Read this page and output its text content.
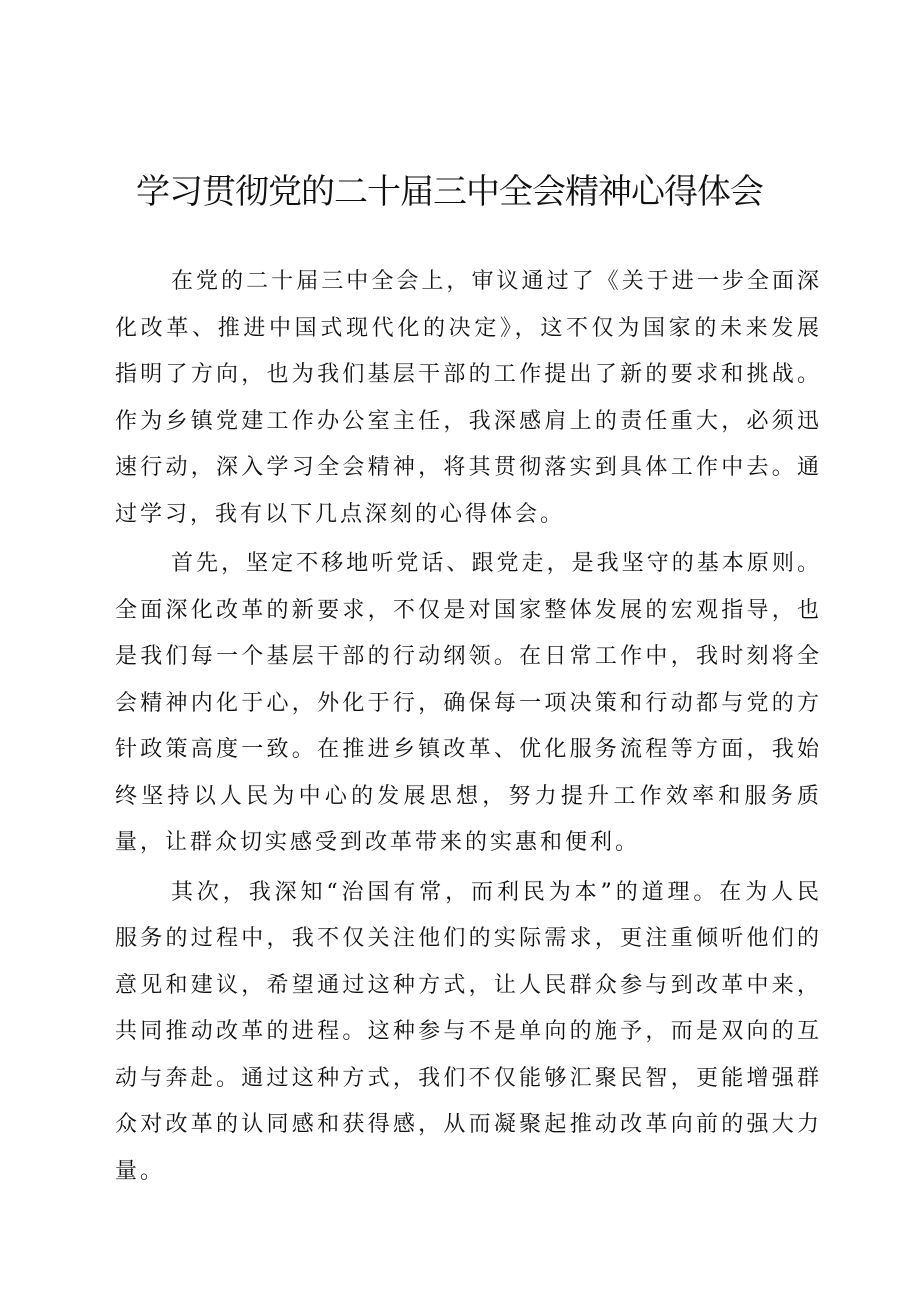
学习贯彻党的二十届三中全会精神心得体会

在党的二十届三中全会上，审议通过了《关于进一步全面深化改革、推进中国式现代化的决定》，这不仅为国家的未来发展指明了方向，也为我们基层干部的工作提出了新的要求和挑战。作为乡镇党建工作办公室主任，我深感肩上的责任重大，必须迅速行动，深入学习全会精神，将其贯彻落实到具体工作中去。通过学习，我有以下几点深刻的心得体会。

首先，坚定不移地听党话、跟党走，是我坚守的基本原则。全面深化改革的新要求，不仅是对国家整体发展的宏观指导，也是我们每一个基层干部的行动纲领。在日常工作中，我时刻将全会精神内化于心，外化于行，确保每一项决策和行动都与党的方针政策高度一致。在推进乡镇改革、优化服务流程等方面，我始终坚持以人民为中心的发展思想，努力提升工作效率和服务质量，让群众切实感受到改革带来的实惠和便利。

其次，我深知“治国有常，而利民为本”的道理。在为人民服务的过程中，我不仅关注他们的实际需求，更注重倾听他们的意见和建议，希望通过这种方式，让人民群众参与到改革中来，共同推动改革的进程。这种参与不是单向的施予，而是双向的互动与奔赴。通过这种方式，我们不仅能够汇聚民智，更能增强群众对改革的认同感和获得感，从而凝聚起推动改革向前的强大力量。
